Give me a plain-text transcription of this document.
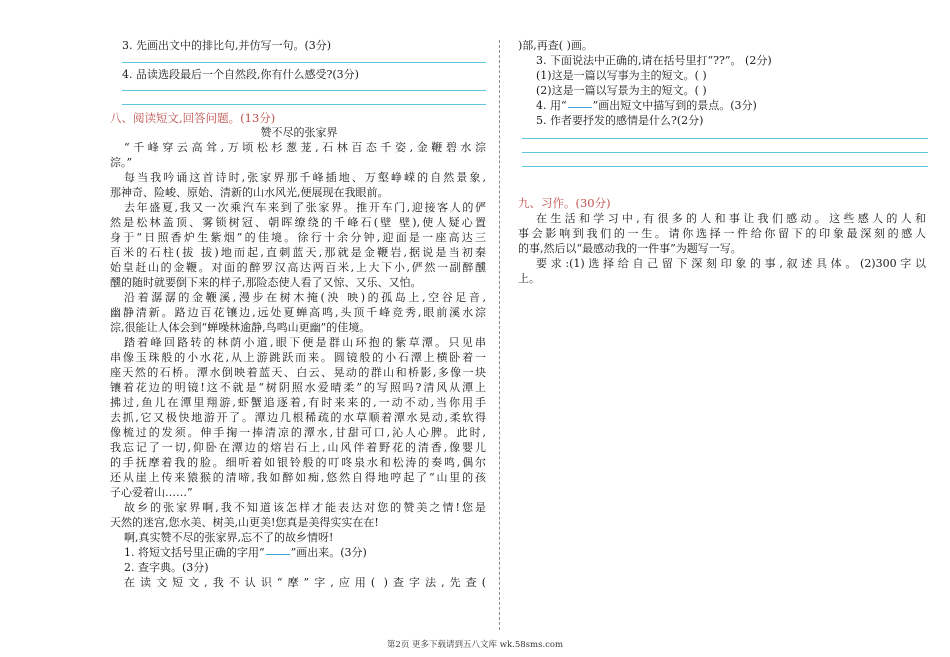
3. 先画出文中的排比句,并仿写一句。(3分)
4. 品读选段最后一个自然段,你有什么感受?(3分)
八、阅读短文,回答问题。(13分)
赞不尽的张家界
“千峰穿云高耸,万顷松杉葱茏,石林百态千姿,金鞭碧水淙
淙。”
每当我吟诵这首诗时,张家界那千峰插地、万壑峥嵘的自然景象,
那神奇、险峻、原始、清新的山水风光,便展现在我眼前。
去年盛夏,我又一次乘汽车来到了张家界。推开车门,迎接客人的俨
然是松林盖顶、雾锁树冠、朝晖缭绕的千峰石(壁 壁),使人疑心置
身于“日照香炉生紫烟”的佳境。徐行十余分钟,迎面是一座高达三
百米的石柱(拔 拔)地而起,直刺蓝天,那就是金鞭岩,据说是当初秦
始皇赶山的金鞭。对面的醉罗汉高达两百米,上大下小,俨然一副醉醺
醺的随时就要倒下来的样子,那险态使人看了又惊、又乐、又怕。
沿着潺潺的金鞭溪,漫步在树木掩(泱 映)的孤岛上,空谷足音,
幽静清新。路边百花镶边,远处夏蝉高鸣,头顶千峰竞秀,眼前溪水淙
淙,很能让人体会到“蝉噪林逾静,鸟鸣山更幽”的佳境。
踏着峰回路转的林荫小道,眼下便是群山环抱的紫草潭。只见串
串像玉珠般的小水花,从上游跳跃而来。圆镜般的小石潭上横卧着一
座天然的石桥。潭水倒映着蓝天、白云、晃动的群山和桥影,多像一块
镶着花边的明镜!这不就是“树阴照水爱晴柔”的写照吗?清风从潭上
拂过,鱼儿在潭里翔游,虾蟹追逐着,有时来来的,一动不动,当你用手
去抓,它又极快地游开了。潭边几根稀疏的水草顺着潭水晃动,柔软得
像梳过的发须。伸手掬一捧清凉的潭水,甘甜可口,沁人心脾。此时,
我忘记了一切,仰卧在潭边的熔岩石上,山风伴着野花的清香,像婴儿
的手抚摩着我的脸。细听着如银铃般的叮咚泉水和松涛的奏鸣,偶尔
还从崖上传来猿猴的清啼,我如醉如痴,悠然自得地哼起了“山里的孩
子心爱着山……”
故乡的张家界啊,我不知道该怎样才能表达对您的赞美之情!您是
天然的迷宫,您水美、树美,山更美!您真是美得实实在在!
啊,真实赞不尽的张家界,忘不了的故乡情呀!
1. 将短文括号里正确的字用“ ”画出来。(3分)
2. 查字典。(3分)
在读文短文,我不认识“摩”字,应用( )查字法,先查(
)部,再查( )画。
3. 下面说法中正确的,请在括号里打“??”。 (2分)
(1)这是一篇以写事为主的短文。( )
(2)这是一篇以写景为主的短文。( )
4. 用“ ”画出短文中描写到的景点。(3分)
5. 作者要抒发的感情是什么?(2分)
九、习作。(30分)
在生活和学习中,有很多的人和事让我们感动。这些感人的人和
事会影响到我们的一生。请你选择一件给你留下的印象最深刻的感人
的事,然后以“最感动我的一件事”为题写一写。
要求:(1)选择给自己留下深刻印象的事,叙述具体。(2)300字以
上。
第2页 更多下载请到五八文库 wk.58sms.com
